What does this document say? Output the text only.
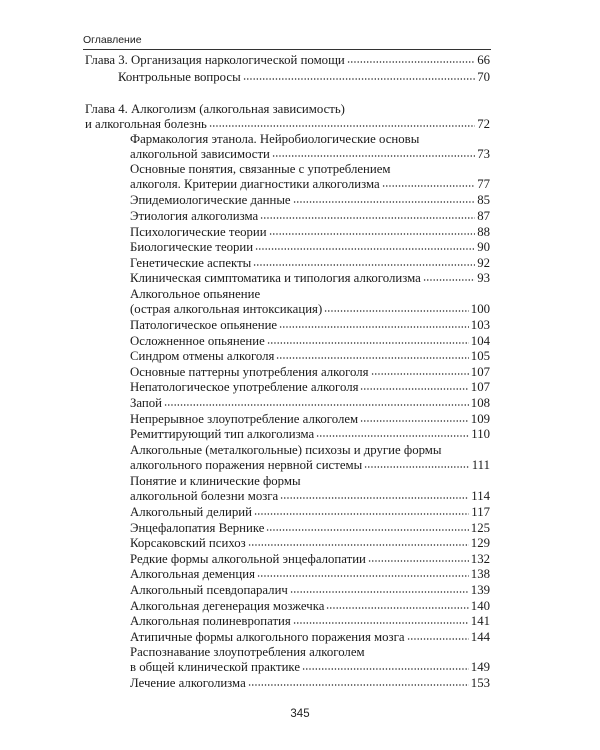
Оглавление
Глава 3. Организация наркологической помощи	66
Контрольные вопросы	70
Глава 4. Алкоголизм (алкогольная зависимость)
и алкогольная болезнь	72
Фармакология этанола. Нейробиологические основы
алкогольной зависимости	73
Основные понятия, связанные с употреблением
алкоголя. Критерии диагностики алкоголизма	77
Эпидемиологические данные	85
Этиология алкоголизма	87
Психологические теории	88
Биологические теории	90
Генетические аспекты	92
Клиническая симптоматика и типология алкоголизма	93
Алкогольное опьянение
(острая алкогольная интоксикация)	100
Патологическое опьянение	103
Осложненное опьянение	104
Синдром отмены алкоголя	105
Основные паттерны употребления алкоголя	107
Непатологическое употребление алкоголя	107
Запой	108
Непрерывное злоупотребление алкоголем	109
Ремиттирующий тип алкоголизма	110
Алкогольные (металкогольные) психозы и другие формы
алкогольного поражения нервной системы	111
Понятие и клинические формы
алкогольной болезни мозга	114
Алкогольный делирий	117
Энцефалопатия Вернике	125
Корсаковский психоз	129
Редкие формы алкогольной энцефалопатии	132
Алкогольная деменция	138
Алкогольный псевдопаралич	139
Алкогольная дегенерация мозжечка	140
Алкогольная полиневропатия	141
Атипичные формы алкогольного поражения мозга	144
Распознавание злоупотребления алкоголем
в общей клинической практике	149
Лечение алкоголизма	153
345
